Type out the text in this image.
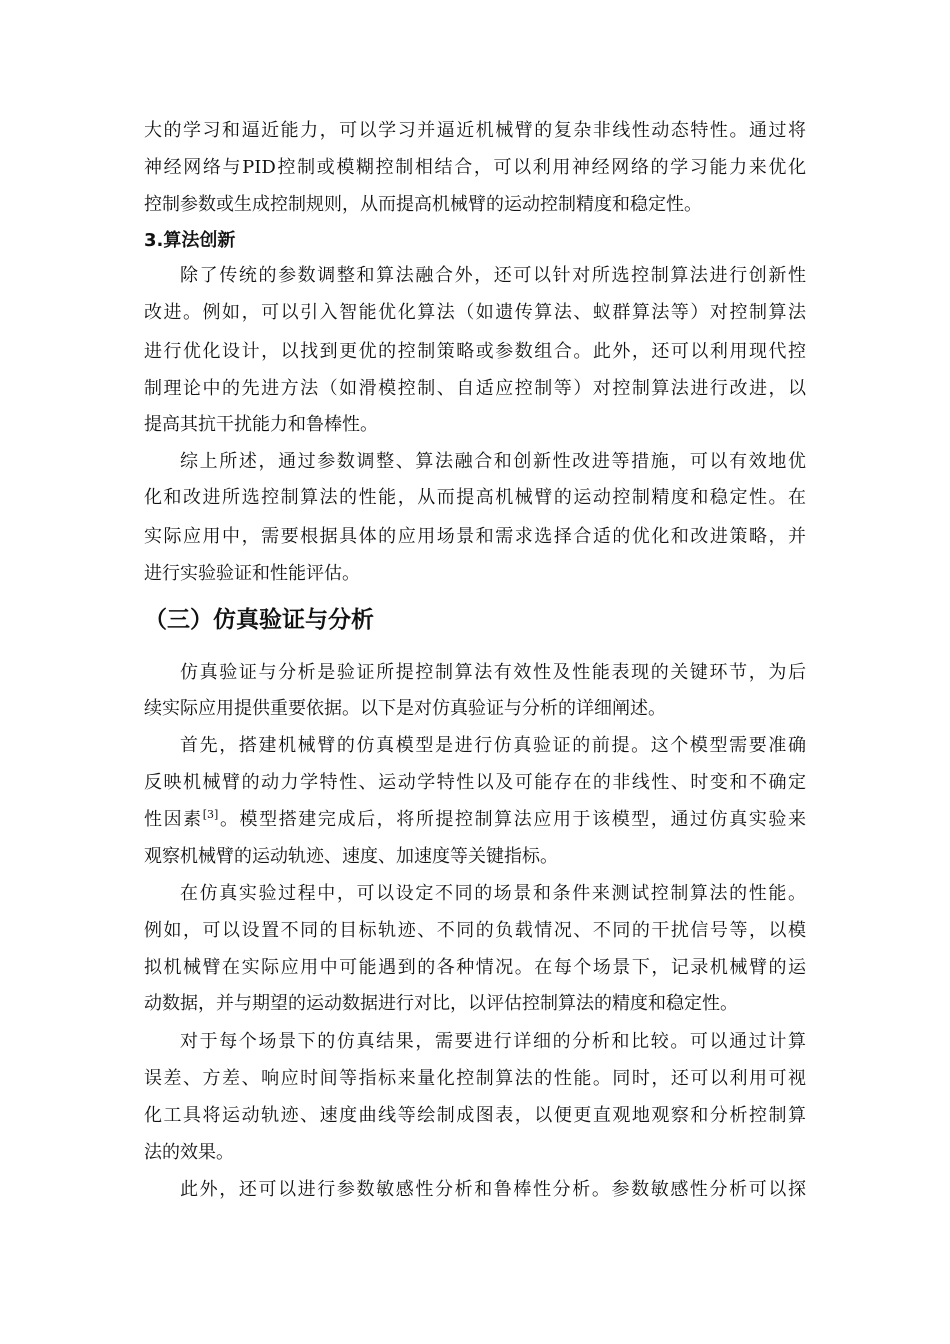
大的学习和逼近能力，可以学习并逼近机械臂的复杂非线性动态特性。通过将
神经网络与PID控制或模糊控制相结合，可以利用神经网络的学习能力来优化
控制参数或生成控制规则，从而提高机械臂的运动控制精度和稳定性。
3.算法创新
除了传统的参数调整和算法融合外，还可以针对所选控制算法进行创新性
改进。例如，可以引入智能优化算法（如遗传算法、蚁群算法等）对控制算法
进行优化设计，以找到更优的控制策略或参数组合。此外，还可以利用现代控
制理论中的先进方法（如滑模控制、自适应控制等）对控制算法进行改进，以
提高其抗干扰能力和鲁棒性。
综上所述，通过参数调整、算法融合和创新性改进等措施，可以有效地优
化和改进所选控制算法的性能，从而提高机械臂的运动控制精度和稳定性。在
实际应用中，需要根据具体的应用场景和需求选择合适的优化和改进策略，并
进行实验验证和性能评估。
（三）仿真验证与分析
仿真验证与分析是验证所提控制算法有效性及性能表现的关键环节，为后
续实际应用提供重要依据。以下是对仿真验证与分析的详细阐述。
首先，搭建机械臂的仿真模型是进行仿真验证的前提。这个模型需要准确
反映机械臂的动力学特性、运动学特性以及可能存在的非线性、时变和不确定
性因素[3]。模型搭建完成后，将所提控制算法应用于该模型，通过仿真实验来
观察机械臂的运动轨迹、速度、加速度等关键指标。
在仿真实验过程中，可以设定不同的场景和条件来测试控制算法的性能。
例如，可以设置不同的目标轨迹、不同的负载情况、不同的干扰信号等，以模
拟机械臂在实际应用中可能遇到的各种情况。在每个场景下，记录机械臂的运
动数据，并与期望的运动数据进行对比，以评估控制算法的精度和稳定性。
对于每个场景下的仿真结果，需要进行详细的分析和比较。可以通过计算
误差、方差、响应时间等指标来量化控制算法的性能。同时，还可以利用可视
化工具将运动轨迹、速度曲线等绘制成图表，以便更直观地观察和分析控制算
法的效果。
此外，还可以进行参数敏感性分析和鲁棒性分析。参数敏感性分析可以探
